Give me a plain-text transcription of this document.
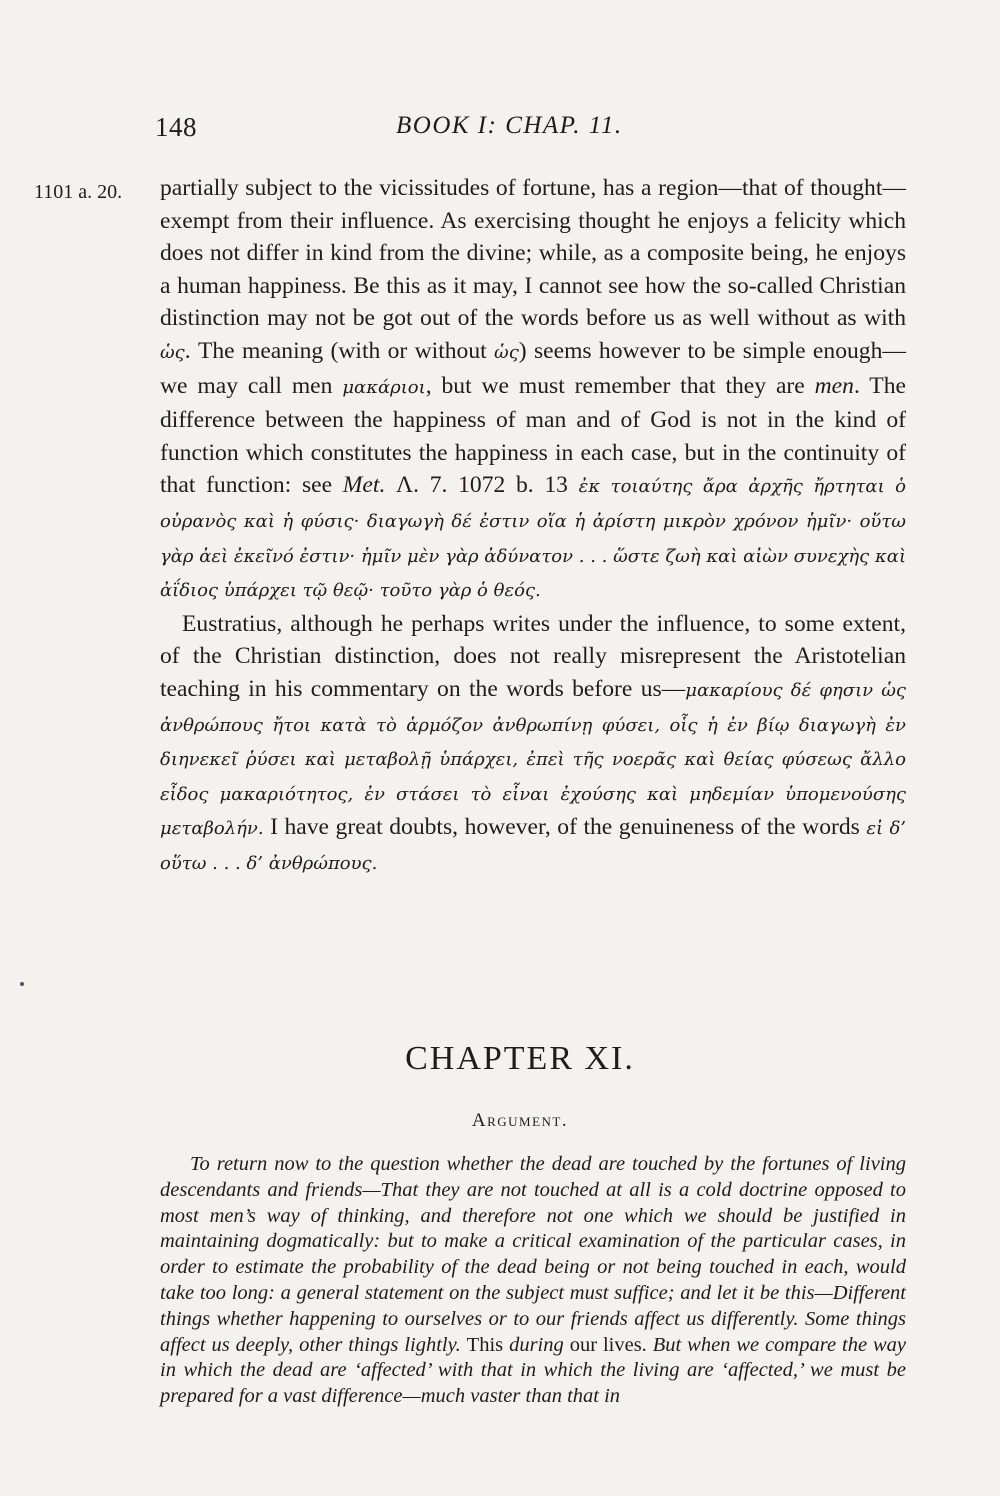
148	BOOK I: CHAP. 11.
1101 a. 20. partially subject to the vicissitudes of fortune, has a region—that of thought—exempt from their influence. As exercising thought he enjoys a felicity which does not differ in kind from the divine; while, as a composite being, he enjoys a human happiness. Be this as it may, I cannot see how the so-called Christian distinction may not be got out of the words before us as well without as with ὡς. The meaning (with or without ὡς) seems however to be simple enough—we may call men μακάριοι, but we must remember that they are men. The difference between the happiness of man and of God is not in the kind of function which constitutes the happiness in each case, but in the continuity of that function: see Met. Λ. 7. 1072 b. 13 ἐκ τοιαύτης ἄρα ἀρχῆς ἤρτηται ὁ οὐρανὸς καὶ ἡ φύσις· διαγωγὴ δέ ἐστιν οἵα ἡ ἀρίστη μικρὸν χρόνον ἡμῖν· οὕτω γὰρ ἀεὶ ἐκεῖνό ἐστιν· ἡμῖν μὲν γὰρ ἀδύνατον . . . ὥστε ζωὴ καὶ αἰὼν συνεχὴς καὶ ἀΐδιος ὑπάρχει τῷ θεῷ· τοῦτο γὰρ ὁ θεός.

Eustratius, although he perhaps writes under the influence, to some extent, of the Christian distinction, does not really misrepresent the Aristotelian teaching in his commentary on the words before us—μακαρίους δέ φησιν ὡς ἀνθρώπους ἤτοι κατὰ τὸ ἁρμόζον ἀνθρωπίνῃ φύσει, οἷς ἡ ἐν βίῳ διαγωγὴ ἐν διηνεκεῖ ῥύσει καὶ μεταβολῇ ὑπάρχει, ἐπεὶ τῆς νοερᾶς καὶ θείας φύσεως ἄλλο εἶδος μακαριότητος, ἐν στάσει τὸ εἶναι ἐχούσης καὶ μηδεμίαν ὑπομενούσης μεταβολήν. I have great doubts, however, of the genuineness of the words εἰ δ’ οὕτω . . . δ’ ἀνθρώπους.

CHAPTER XI.
Argument.

To return now to the question whether the dead are touched by the fortunes of living descendants and friends—That they are not touched at all is a cold doctrine opposed to most men’s way of thinking, and therefore not one which we should be justified in maintaining dogmatically: but to make a critical examination of the particular cases, in order to estimate the probability of the dead being or not being touched in each, would take too long: a general statement on the subject must suffice; and let it be this—Different things whether happening to ourselves or to our friends affect us differently. Some things affect us deeply, other things lightly. This during our lives. But when we compare the way in which the dead are ‘affected’ with that in which the living are ‘affected,’ we must be prepared for a vast difference—much vaster than that in
